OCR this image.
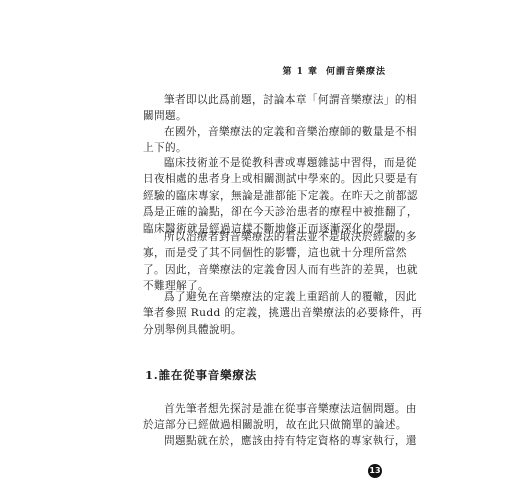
第 1 章 何謂音樂療法
筆者即以此爲前題，討論本章「何謂音樂療法」的相
關問題。
在國外，音樂療法的定義和音樂治療師的數量是不相
上下的。
臨床技術並不是從教科書或專題雜誌中習得，而是從
日夜相處的患者身上或相關測試中學來的。因此只要是有
經驗的臨床專家，無論是誰都能下定義。在昨天之前都認
爲是正確的論點，卻在今天診治患者的療程中被推翻了，
臨床醫術就是經過這樣不斷地修正而逐漸深化的學問。
所以治療者對音樂療法的看法並不是取決於經驗的多
寡，而是受了其不同個性的影響，這也就十分理所當然
了。因此，音樂療法的定義會因人而有些許的差異，也就
不難理解了。
爲了避免在音樂療法的定義上重蹈前人的覆轍，因此
筆者參照 Rudd 的定義，挑選出音樂療法的必要條件，再
分別舉例具體說明。
1.誰在從事音樂療法
首先筆者想先探討是誰在從事音樂療法這個問題。由
於這部分已經做過相關說明，故在此只做簡單的論述。
問題點就在於，應該由持有特定資格的專家執行，還
13
